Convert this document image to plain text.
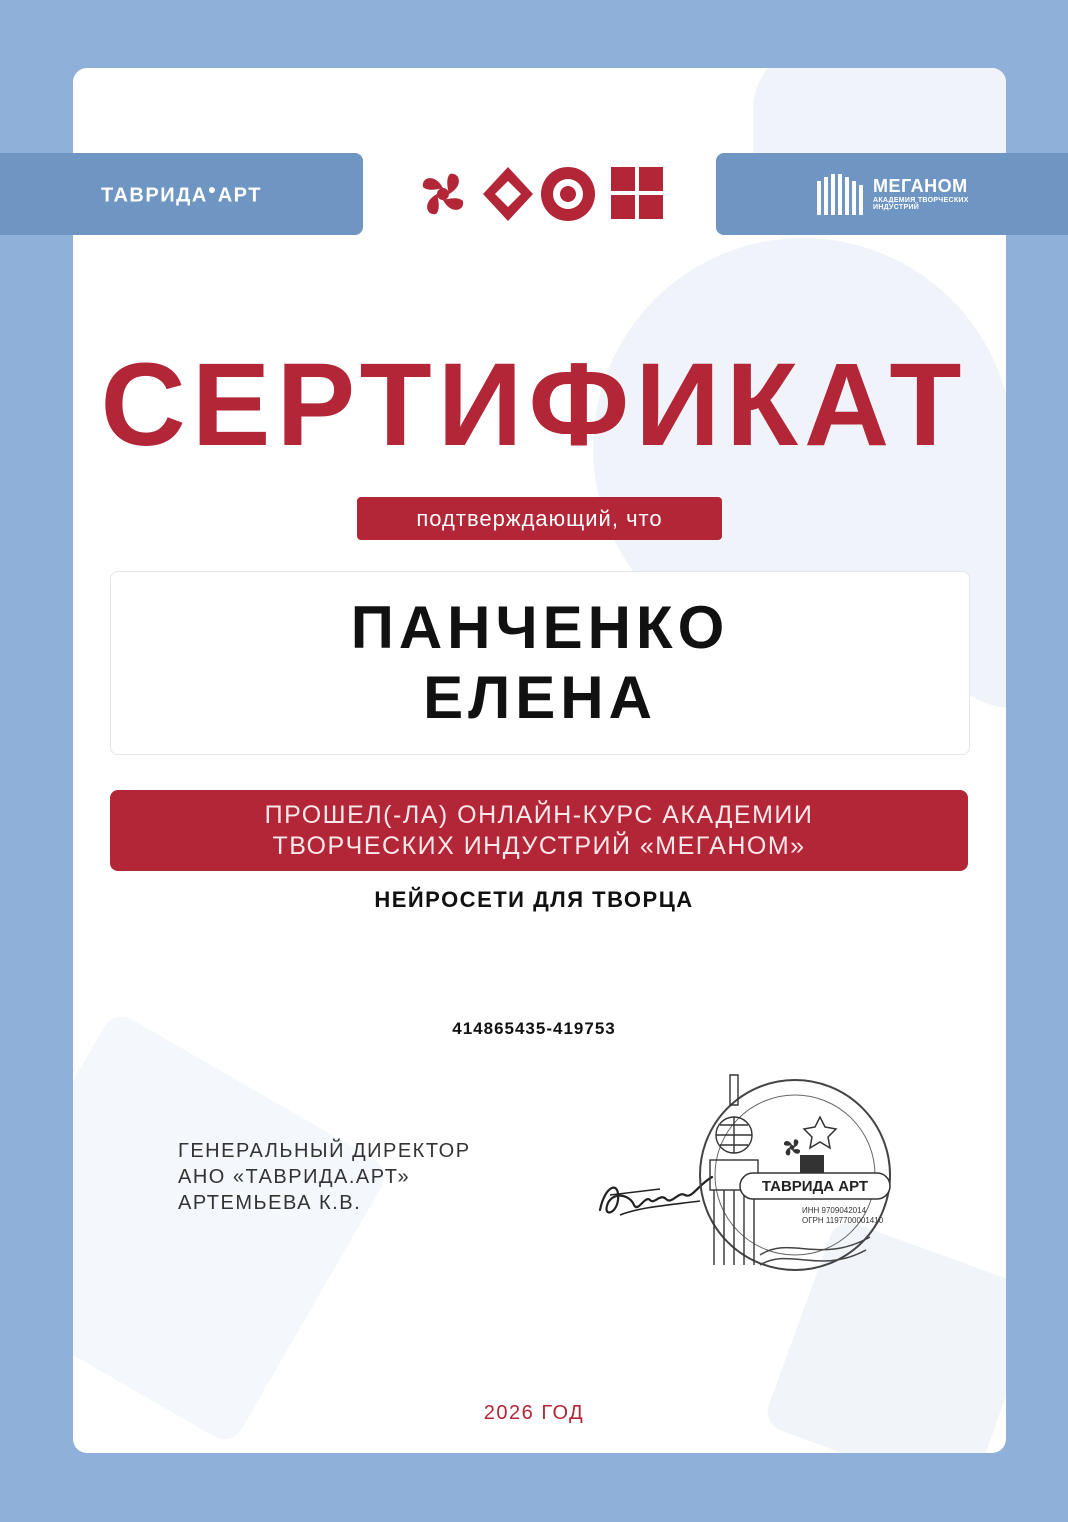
ТАВРИДА●АРТ	МЕГАНОМ
АКАДЕМИЯ ТВОРЧЕСКИХ ИНДУСТРИЙ
СЕРТИФИКАТ
подтверждающий, что
ПАНЧЕНКО
ЕЛЕНА
ПРОШЕЛ(-ЛА) ОНЛАЙН-КУРС АКАДЕМИИ
ТВОРЧЕСКИХ ИНДУСТРИЙ «МЕГАНОМ»
НЕЙРОСЕТИ ДЛЯ ТВОРЦА
414865435-419753
ГЕНЕРАЛЬНЫЙ ДИРЕКТОР
АНО «ТАВРИДА.АРТ»
АРТЕМЬЕВА К.В.
ТАВРИДА АРТ
ИНН 9709042014
ОГРН 1197700001410
2026 ГОД
